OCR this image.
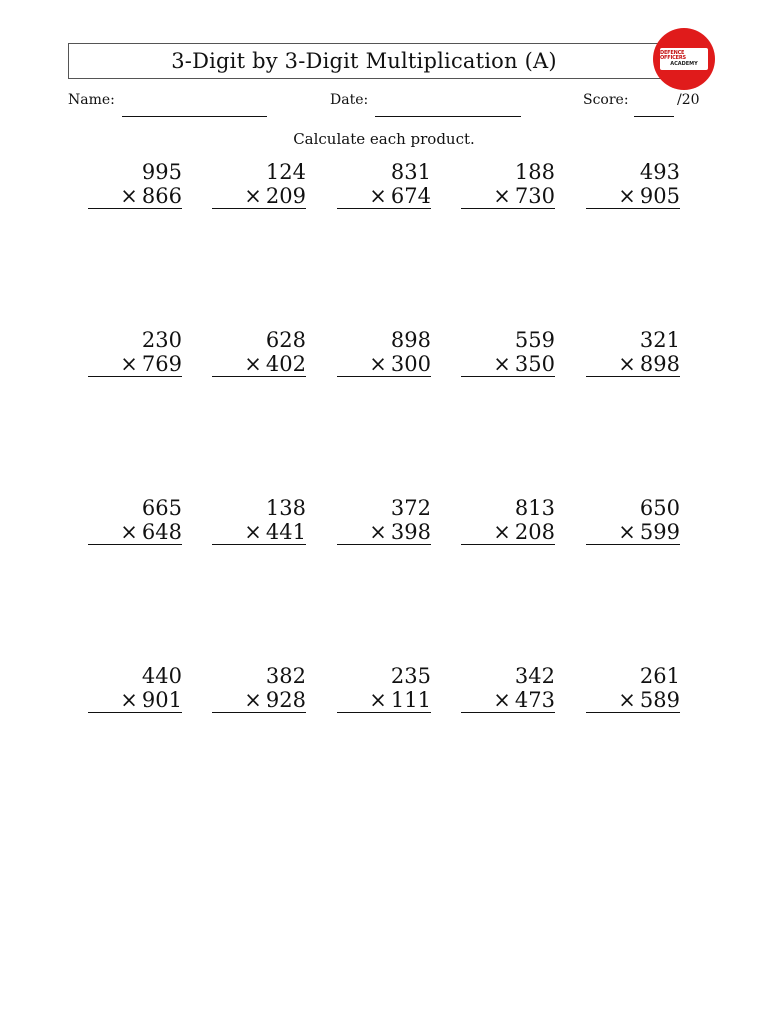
3-Digit by 3-Digit Multiplication (A)	DEFENCE OFFICERS
ACADEMY
Name:	Date:	Score:	/20
Calculate each product.
995
× 866
124
× 209
831
× 674
188
× 730
493
× 905
230
× 769
628
× 402
898
× 300
559
× 350
321
× 898
665
× 648
138
× 441
372
× 398
813
× 208
650
× 599
440
× 901
382
× 928
235
× 111
342
× 473
261
× 589
